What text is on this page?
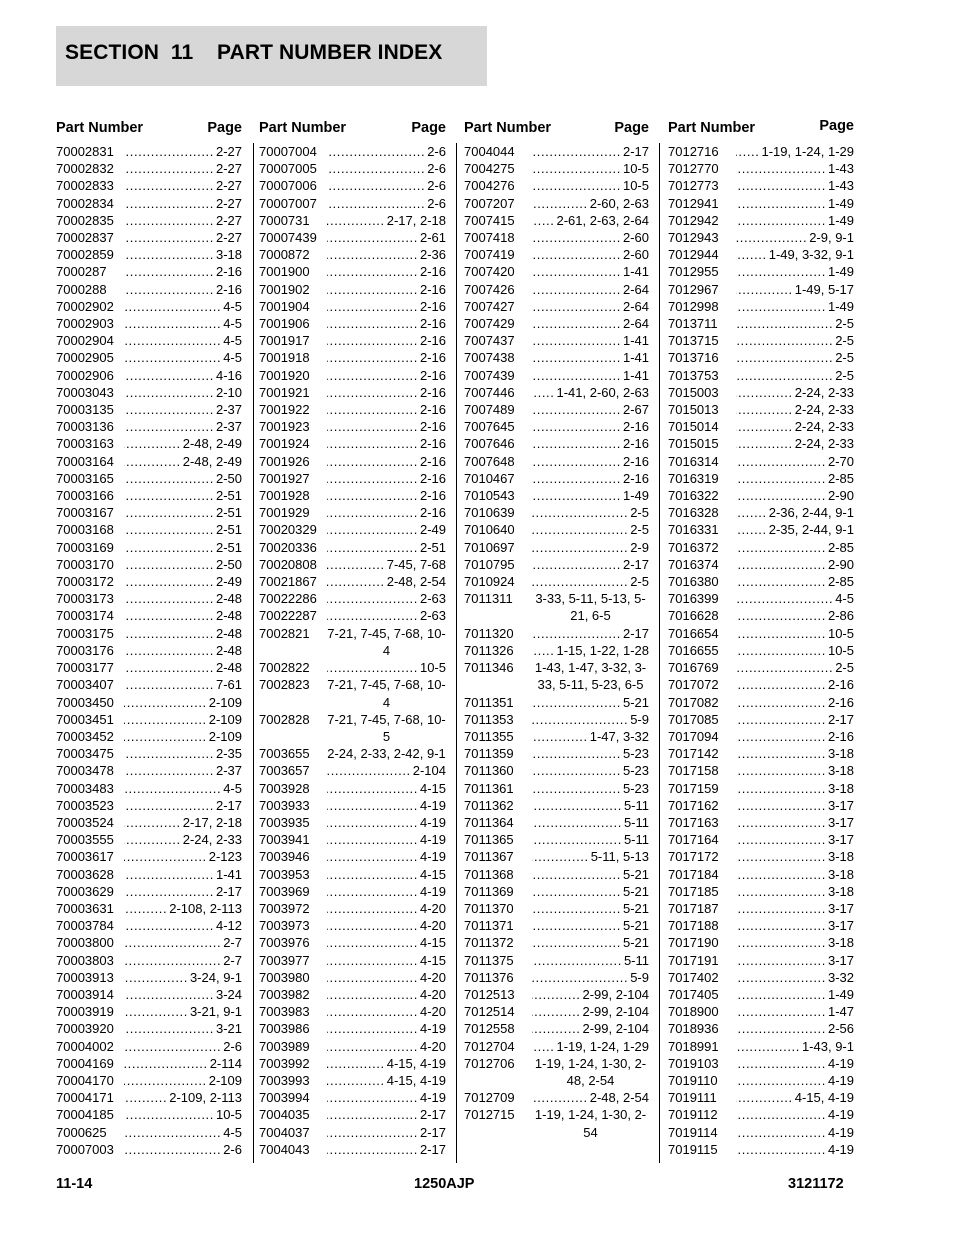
SECTION  11    PART NUMBER INDEX
Part Number	Page
70002831 .....	2-27
70002832 .....	2-27
70002833 .....	2-27
70002834 .....	2-27
70002835 .....	2-27
70002837 .....	2-27
70002859 .....	3-18
7000287 .....	2-16
7000288 .....	2-16
70002902 .....	4-5
70002903 .....	4-5
70002904 .....	4-5
70002905 .....	4-5
70002906 .....	4-16
70003043 .....	2-10
70003135 .....	2-37
70003136 .....	2-37
70003163 .....	2-48, 2-49
70003164 .....	2-48, 2-49
70003165 .....	2-50
70003166 .....	2-51
70003167 .....	2-51
70003168 .....	2-51
70003169 .....	2-51
70003170 .....	2-50
70003172 .....	2-49
70003173 .....	2-48
70003174 .....	2-48
70003175 .....	2-48
70003176 .....	2-48
70003177 .....	2-48
70003407 .....	7-61
70003450 .....	2-109
70003451 .....	2-109
70003452 .....	2-109
70003475 .....	2-35
70003478 .....	2-37
70003483 .....	4-5
70003523 .....	2-17
70003524 .....	2-17, 2-18
70003555 .....	2-24, 2-33
70003617 .....	2-123
70003628 .....	1-41
70003629 .....	2-17
70003631 .....	2-108, 2-113
70003784 .....	4-12
70003800 .....	2-7
70003803 .....	2-7
70003913 .....	3-24, 9-1
70003914 .....	3-24
70003919 .....	3-21, 9-1
70003920 .....	3-21
70004002 .....	2-6
70004169 .....	2-114
70004170 .....	2-109
70004171 .....	2-109, 2-113
70004185 .....	10-5
7000625 .....	4-5
70007003 .....	2-6
Part Number	Page
70007004 .....	2-6
70007005 .....	2-6
70007006 .....	2-6
70007007 .....	2-6
7000731 .....	2-17, 2-18
70007439 .....	2-61
7000872 .....	2-36
7001900 .....	2-16
7001902 .....	2-16
7001904 .....	2-16
7001906 .....	2-16
7001917 .....	2-16
7001918 .....	2-16
7001920 .....	2-16
7001921 .....	2-16
7001922 .....	2-16
7001923 .....	2-16
7001924 .....	2-16
7001926 .....	2-16
7001927 .....	2-16
7001928 .....	2-16
7001929 .....	2-16
70020329 .....	2-49
70020336 .....	2-51
70020808 .....	7-45, 7-68
70021867 .....	2-48, 2-54
70022286 .....	2-63
70022287 .....	2-63
7002821	7-21, 7-45, 7-68, 10-4
7002822 .....	10-5
7002823	7-21, 7-45, 7-68, 10-4
7002828	7-21, 7-45, 7-68, 10-5
7003655	2-24, 2-33, 2-42, 9-1
7003657 .....	2-104
7003928 .....	4-15
7003933 .....	4-19
7003935 .....	4-19
7003941 .....	4-19
7003946 .....	4-19
7003953 .....	4-15
7003969 .....	4-19
7003972 .....	4-20
7003973 .....	4-20
7003976 .....	4-15
7003977 .....	4-15
7003980 .....	4-20
7003982 .....	4-20
7003983 .....	4-20
7003986 .....	4-19
7003989 .....	4-20
7003992 .....	4-15, 4-19
7003993 .....	4-15, 4-19
7003994 .....	4-19
7004035 .....	2-17
7004037 .....	2-17
7004043 .....	2-17
Part Number	Page
7004044 .....	2-17
7004275 .....	10-5
7004276 .....	10-5
7007207 .....	2-60, 2-63
7007415 .....	2-61, 2-63, 2-64
7007418 .....	2-60
7007419 .....	2-60
7007420 .....	1-41
7007426 .....	2-64
7007427 .....	2-64
7007429 .....	2-64
7007437 .....	1-41
7007438 .....	1-41
7007439 .....	1-41
7007446 .....	1-41, 2-60, 2-63
7007489 .....	2-67
7007645 .....	2-16
7007646 .....	2-16
7007648 .....	2-16
7010467 .....	2-16
7010543 .....	1-49
7010639 .....	2-5
7010640 .....	2-5
7010697 .....	2-9
7010795 .....	2-17
7010924 .....	2-5
7011311	3-33, 5-11, 5-13, 5-21, 6-5
7011320 .....	2-17
7011326 .....	1-15, 1-22, 1-28
7011346	1-43, 1-47, 3-32, 3-33, 5-11, 5-23, 6-5
7011351 .....	5-21
7011353 .....	5-9
7011355 .....	1-47, 3-32
7011359 .....	5-23
7011360 .....	5-23
7011361 .....	5-23
7011362 .....	5-11
7011364 .....	5-11
7011365 .....	5-11
7011367 .....	5-11, 5-13
7011368 .....	5-21
7011369 .....	5-21
7011370 .....	5-21
7011371 .....	5-21
7011372 .....	5-21
7011375 .....	5-11
7011376 .....	5-9
7012513 .....	2-99, 2-104
7012514 .....	2-99, 2-104
7012558 .....	2-99, 2-104
7012704 .....	1-19, 1-24, 1-29
7012706	1-19, 1-24, 1-30, 2-48, 2-54
7012709 .....	2-48, 2-54
7012715	1-19, 1-24, 1-30, 2-54
Part Number	Page
7012716 .....	1-19, 1-24, 1-29
7012770 .....	1-43
7012773 .....	1-43
7012941 .....	1-49
7012942 .....	1-49
7012943 .....	2-9, 9-1
7012944 .....	1-49, 3-32, 9-1
7012955 .....	1-49
7012967 .....	1-49, 5-17
7012998 .....	1-49
7013711 .....	2-5
7013715 .....	2-5
7013716 .....	2-5
7013753 .....	2-5
7015003 .....	2-24, 2-33
7015013 .....	2-24, 2-33
7015014 .....	2-24, 2-33
7015015 .....	2-24, 2-33
7016314 .....	2-70
7016319 .....	2-85
7016322 .....	2-90
7016328 .....	2-36, 2-44, 9-1
7016331 .....	2-35, 2-44, 9-1
7016372 .....	2-85
7016374 .....	2-90
7016380 .....	2-85
7016399 .....	4-5
7016628 .....	2-86
7016654 .....	10-5
7016655 .....	10-5
7016769 .....	2-5
7017072 .....	2-16
7017082 .....	2-16
7017085 .....	2-17
7017094 .....	2-16
7017142 .....	3-18
7017158 .....	3-18
7017159 .....	3-18
7017162 .....	3-17
7017163 .....	3-17
7017164 .....	3-17
7017172 .....	3-18
7017184 .....	3-18
7017185 .....	3-18
7017187 .....	3-17
7017188 .....	3-17
7017190 .....	3-18
7017191 .....	3-17
7017402 .....	3-32
7017405 .....	1-49
7018900 .....	1-47
7018936 .....	2-56
7018991 .....	1-43, 9-1
7019103 .....	4-19
7019110 .....	4-19
7019111 .....	4-15, 4-19
7019112 .....	4-19
7019114 .....	4-19
7019115 .....	4-19
11-14	1250AJP	3121172
